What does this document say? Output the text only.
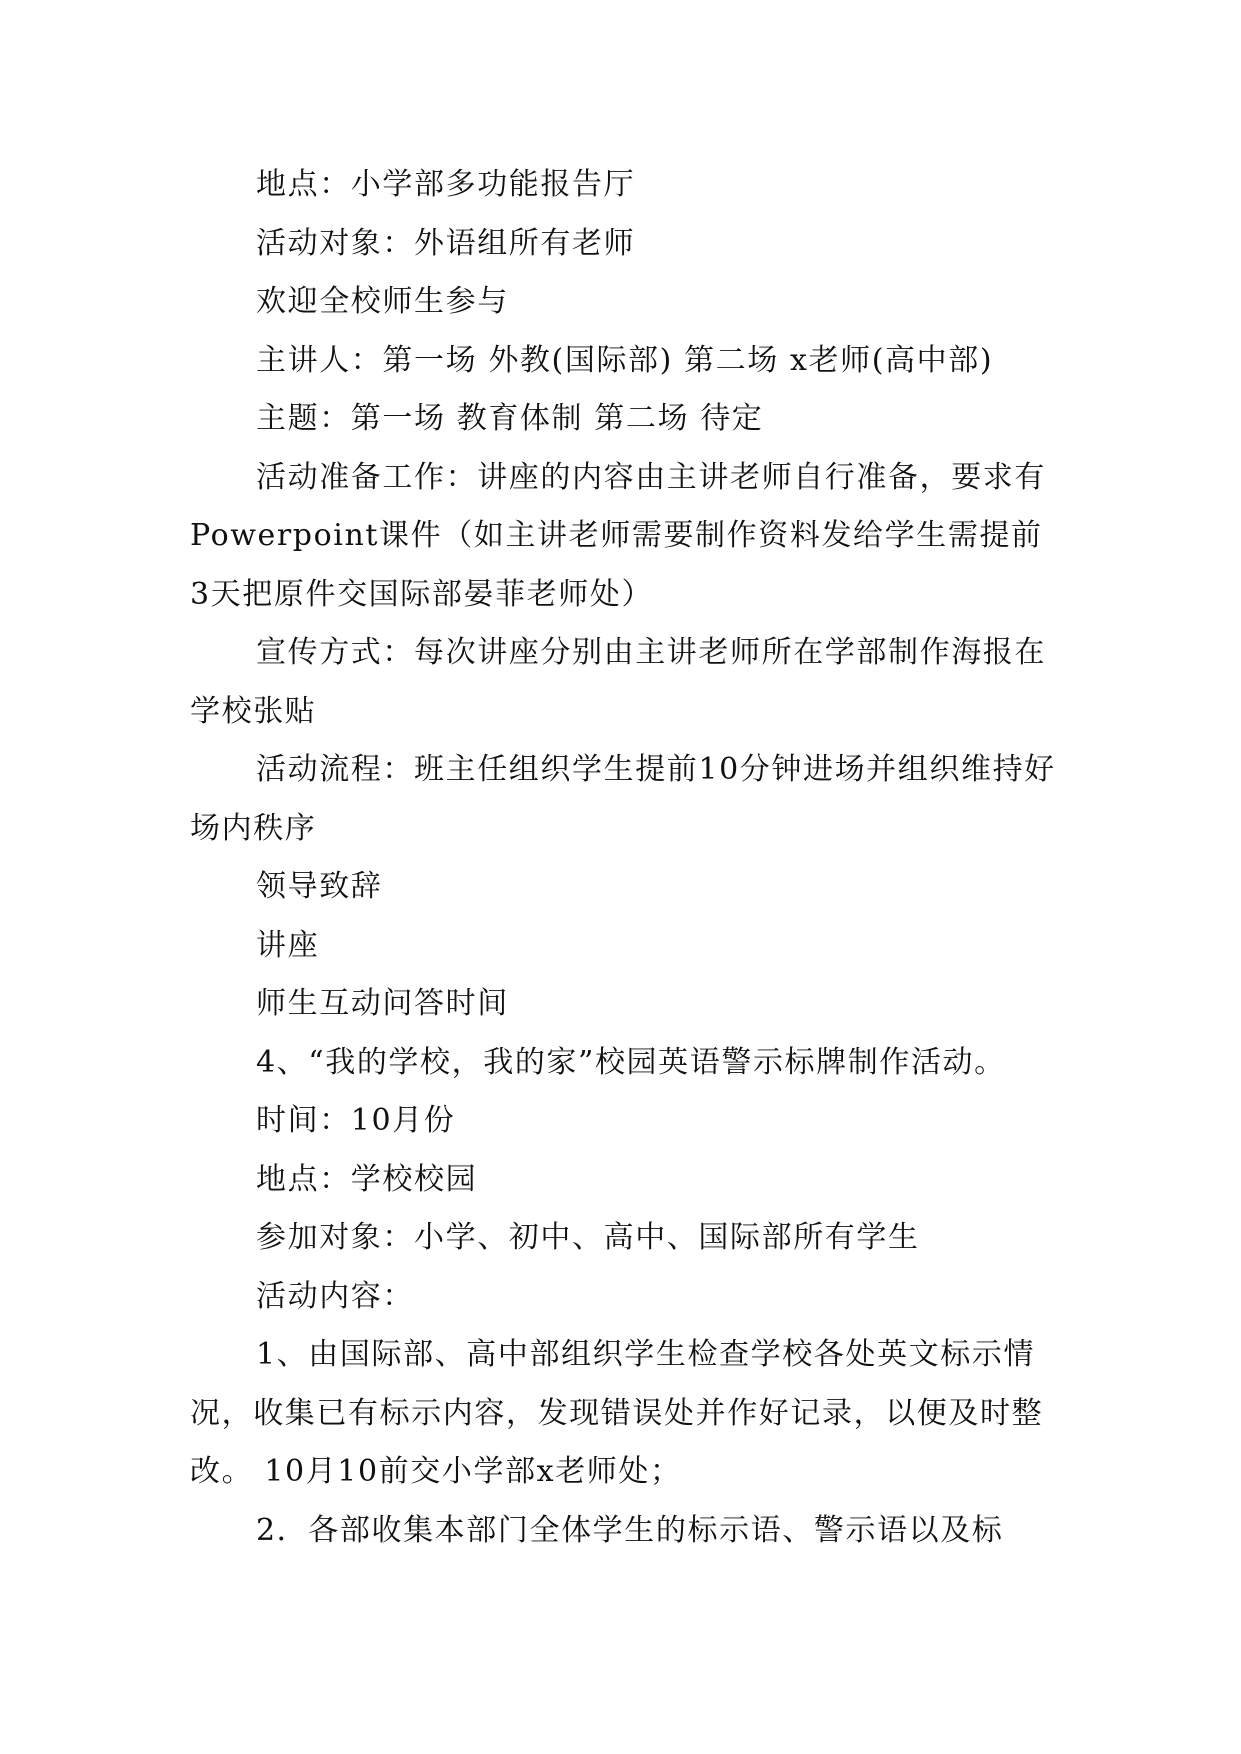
地点：小学部多功能报告厅

活动对象：外语组所有老师

欢迎全校师生参与

主讲人：第一场 外教(国际部) 第二场 x老师(高中部)

主题：第一场 教育体制 第二场 待定

活动准备工作：讲座的内容由主讲老师自行准备，要求有Powerpoint课件（如主讲老师需要制作资料发给学生需提前3天把原件交国际部晏菲老师处）

宣传方式：每次讲座分别由主讲老师所在学部制作海报在学校张贴

活动流程：班主任组织学生提前10分钟进场并组织维持好场内秩序

领导致辞

讲座

师生互动问答时间

4、“我的学校，我的家”校园英语警示标牌制作活动。

时间：10月份

地点：学校校园

参加对象：小学、初中、高中、国际部所有学生

活动内容：

1、由国际部、高中部组织学生检查学校各处英文标示情况，收集已有标示内容，发现错误处并作好记录，以便及时整改。 10月10前交小学部x老师处；

2．各部收集本部门全体学生的标示语、警示语以及标
